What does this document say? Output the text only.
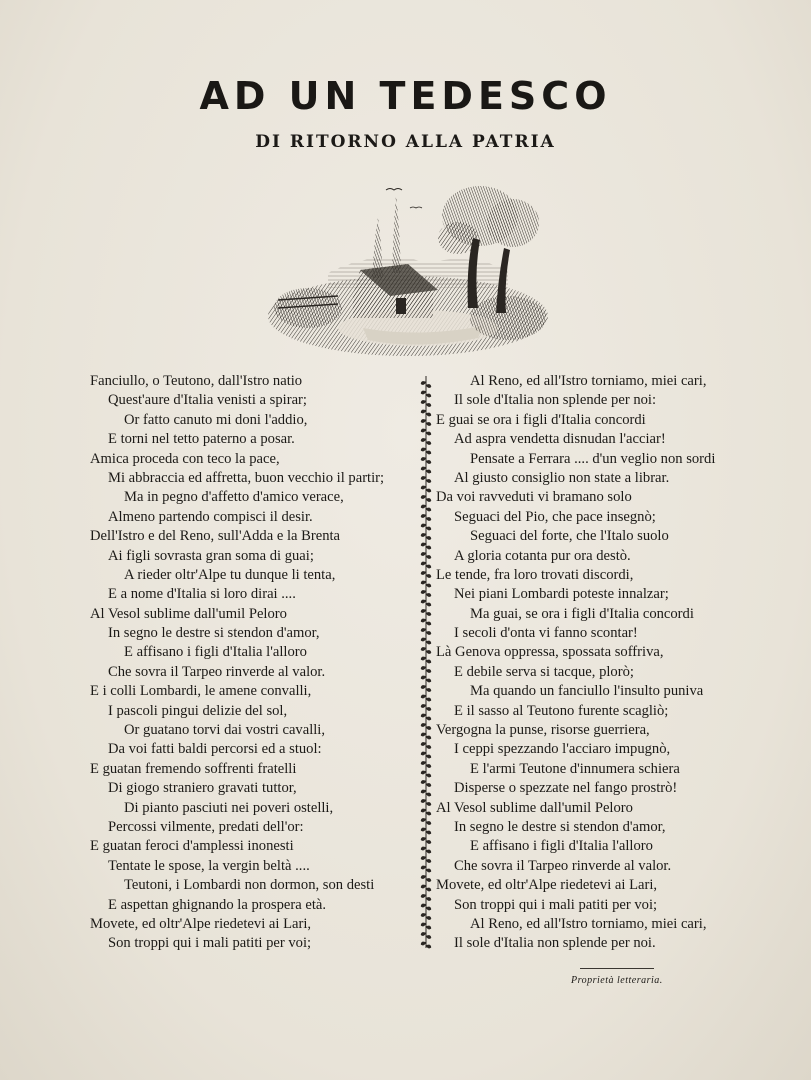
AD UN TEDESCO
DI RITORNO ALLA PATRIA
Fanciullo, o Teutono, dall'Istro natio
Quest'aure d'Italia venisti a spirar;
Or fatto canuto mi doni l'addio,
E torni nel tetto paterno a posar.
Amica proceda con teco la pace,
Mi abbraccia ed affretta, buon vecchio il partir;
Ma in pegno d'affetto d'amico verace,
Almeno partendo compisci il desir.
Dell'Istro e del Reno, sull'Adda e la Brenta
Ai figli sovrasta gran soma di guai;
A rieder oltr'Alpe tu dunque li tenta,
E a nome d'Italia si loro dirai ....
Al Vesol sublime dall'umil Peloro
In segno le destre si stendon d'amor,
E affisano i figli d'Italia l'alloro
Che sovra il Tarpeo rinverde al valor.
E i colli Lombardi, le amene convalli,
I pascoli pingui delizie del sol,
Or guatano torvi dai vostri cavalli,
Da voi fatti baldi percorsi ed a stuol:
E guatan fremendo soffrenti fratelli
Di giogo straniero gravati tuttor,
Di pianto pasciuti nei poveri ostelli,
Percossi vilmente, predati dell'or:
E guatan feroci d'amplessi inonesti
Tentate le spose, la vergin beltà ....
Teutoni, i Lombardi non dormon, son desti
E aspettan ghignando la prospera età.
Movete, ed oltr'Alpe riedetevi ai Lari,
Son troppi qui i mali patiti per voi;
Al Reno, ed all'Istro torniamo, miei cari,
Il sole d'Italia non splende per noi:
E guai se ora i figli d'Italia concordi
Ad aspra vendetta disnudan l'acciar!
Pensate a Ferrara .... d'un veglio non sordi
Al giusto consiglio non state a librar.
Da voi ravveduti vi bramano solo
Seguaci del Pio, che pace insegnò;
Seguaci del forte, che l'Italo suolo
A gloria cotanta pur ora destò.
Le tende, fra loro trovati discordi,
Nei piani Lombardi poteste innalzar;
Ma guai, se ora i figli d'Italia concordi
I secoli d'onta vi fanno scontar!
Là Genova oppressa, spossata soffriva,
E debile serva si tacque, plorò;
Ma quando un fanciullo l'insulto puniva
E il sasso al Teutono furente scagliò;
Vergogna la punse, risorse guerriera,
I ceppi spezzando l'acciaro impugnò,
E l'armi Teutone d'innumera schiera
Disperse o spezzate nel fango prostrò!
Al Vesol sublime dall'umil Peloro
In segno le destre si stendon d'amor,
E affisano i figli d'Italia l'alloro
Che sovra il Tarpeo rinverde al valor.
Movete, ed oltr'Alpe riedetevi ai Lari,
Son troppi qui i mali patiti per voi;
Al Reno, ed all'Istro torniamo, miei cari,
Il sole d'Italia non splende per noi.
Proprietà letteraria.
